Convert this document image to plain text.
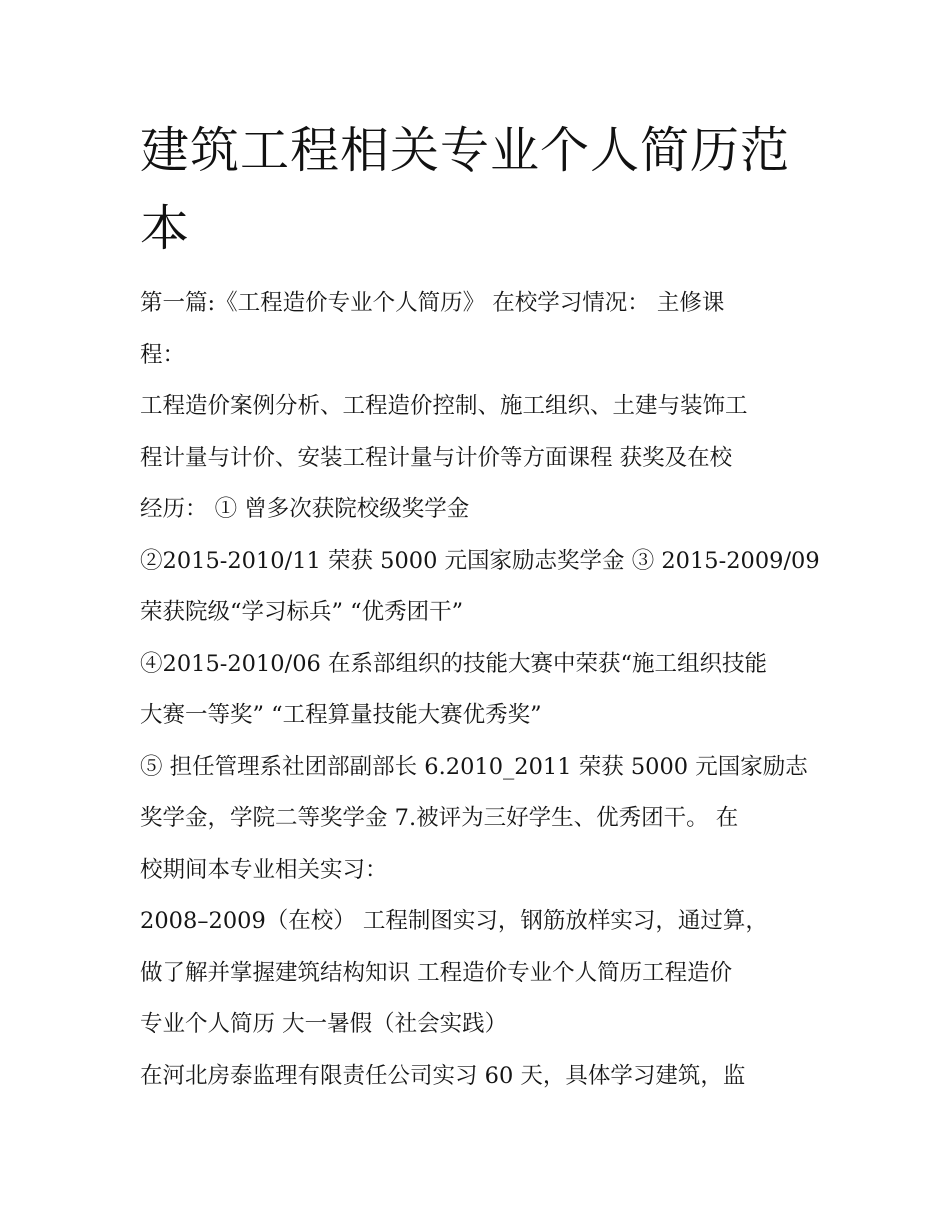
建筑工程相关专业个人简历范
本

第一篇:《工程造价专业个人简历》 在校学习情况： 主修课

程：

工程造价案例分析、工程造价控制、施工组织、土建与装饰工

程计量与计价、安装工程计量与计价等方面课程 获奖及在校

经历： ① 曾多次获院校级奖学金

②2015-2010/11 荣获 5000 元国家励志奖学金 ③ 2015-2009/09

荣获院级“学习标兵” “优秀团干”

④2015-2010/06 在系部组织的技能大赛中荣获“施工组织技能

大赛一等奖” “工程算量技能大赛优秀奖”

⑤ 担任管理系社团部副部长 6.2010_2011 荣获 5000 元国家励志

奖学金，学院二等奖学金 7.被评为三好学生、优秀团干。 在

校期间本专业相关实习：

2008–2009（在校） 工程制图实习，钢筋放样实习，通过算，

做了解并掌握建筑结构知识 工程造价专业个人简历工程造价

专业个人简历 大一暑假（社会实践）

在河北房泰监理有限责任公司实习 60 天，具体学习建筑，监
